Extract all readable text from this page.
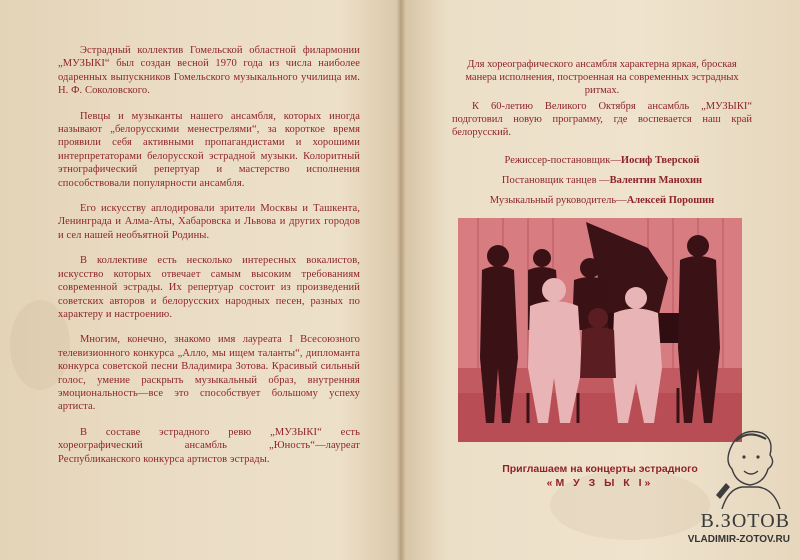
Эстрадный коллектив Гомельской областной филармонии „МУЗЫКІ“ был создан весной 1970 года из числа наиболее одаренных выпускников Гомельского музыкального училища им. Н. Ф. Соколовского.

Певцы и музыканты нашего ансамбля, которых иногда называют „белорусскими менестрелями“, за короткое время проявили себя активными пропагандистами и хорошими интерпретаторами белорусской эстрадной музыки. Колоритный этнографический репертуар и мастерство исполнения способствовали популярности ансамбля.

Его искусству аплодировали зрители Москвы и Ташкента, Ленинграда и Алма-Аты, Хабаровска и Львова и других городов и сел нашей необъятной Родины.

В коллективе есть несколько интересных вокалистов, искусство которых отвечает самым высоким требованиям современной эстрады. Их репертуар состоит из произведений советских авторов и белорусских народных песен, разных по характеру и настроению.

Многим, конечно, знакомо имя лауреата I Всесоюзного телевизионного конкурса „Алло, мы ищем таланты“, дипломанта конкурса советской песни Владимира Зотова. Красивый сильный голос, умение раскрыть музыкальный образ, внутренняя эмоциональность—все это способствует большому успеху артиста.

В составе эстрадного ревю „МУЗЫКІ“ есть хореографический ансамбль „Юность“—лауреат Республиканского конкурса артистов эстрады.

Для хореографического ансамбля характерна яркая, броская манера исполнения, построенная на современных эстрадных ритмах.

К 60-летию Великого Октября ансамбль „МУЗЫКІ“ подготовил новую программу, где воспевается наш край белорусский.

Режиссер-постановщик—Иосиф Тверской
Постановщик танцев —Валентин Манохин
Музыкальный руководитель—Алексей Порошин
Приглашаем на концерты эстрадного
«М У З Ы К І»
В.ЗОТОВ
VLADIMIR-ZOTOV.RU
